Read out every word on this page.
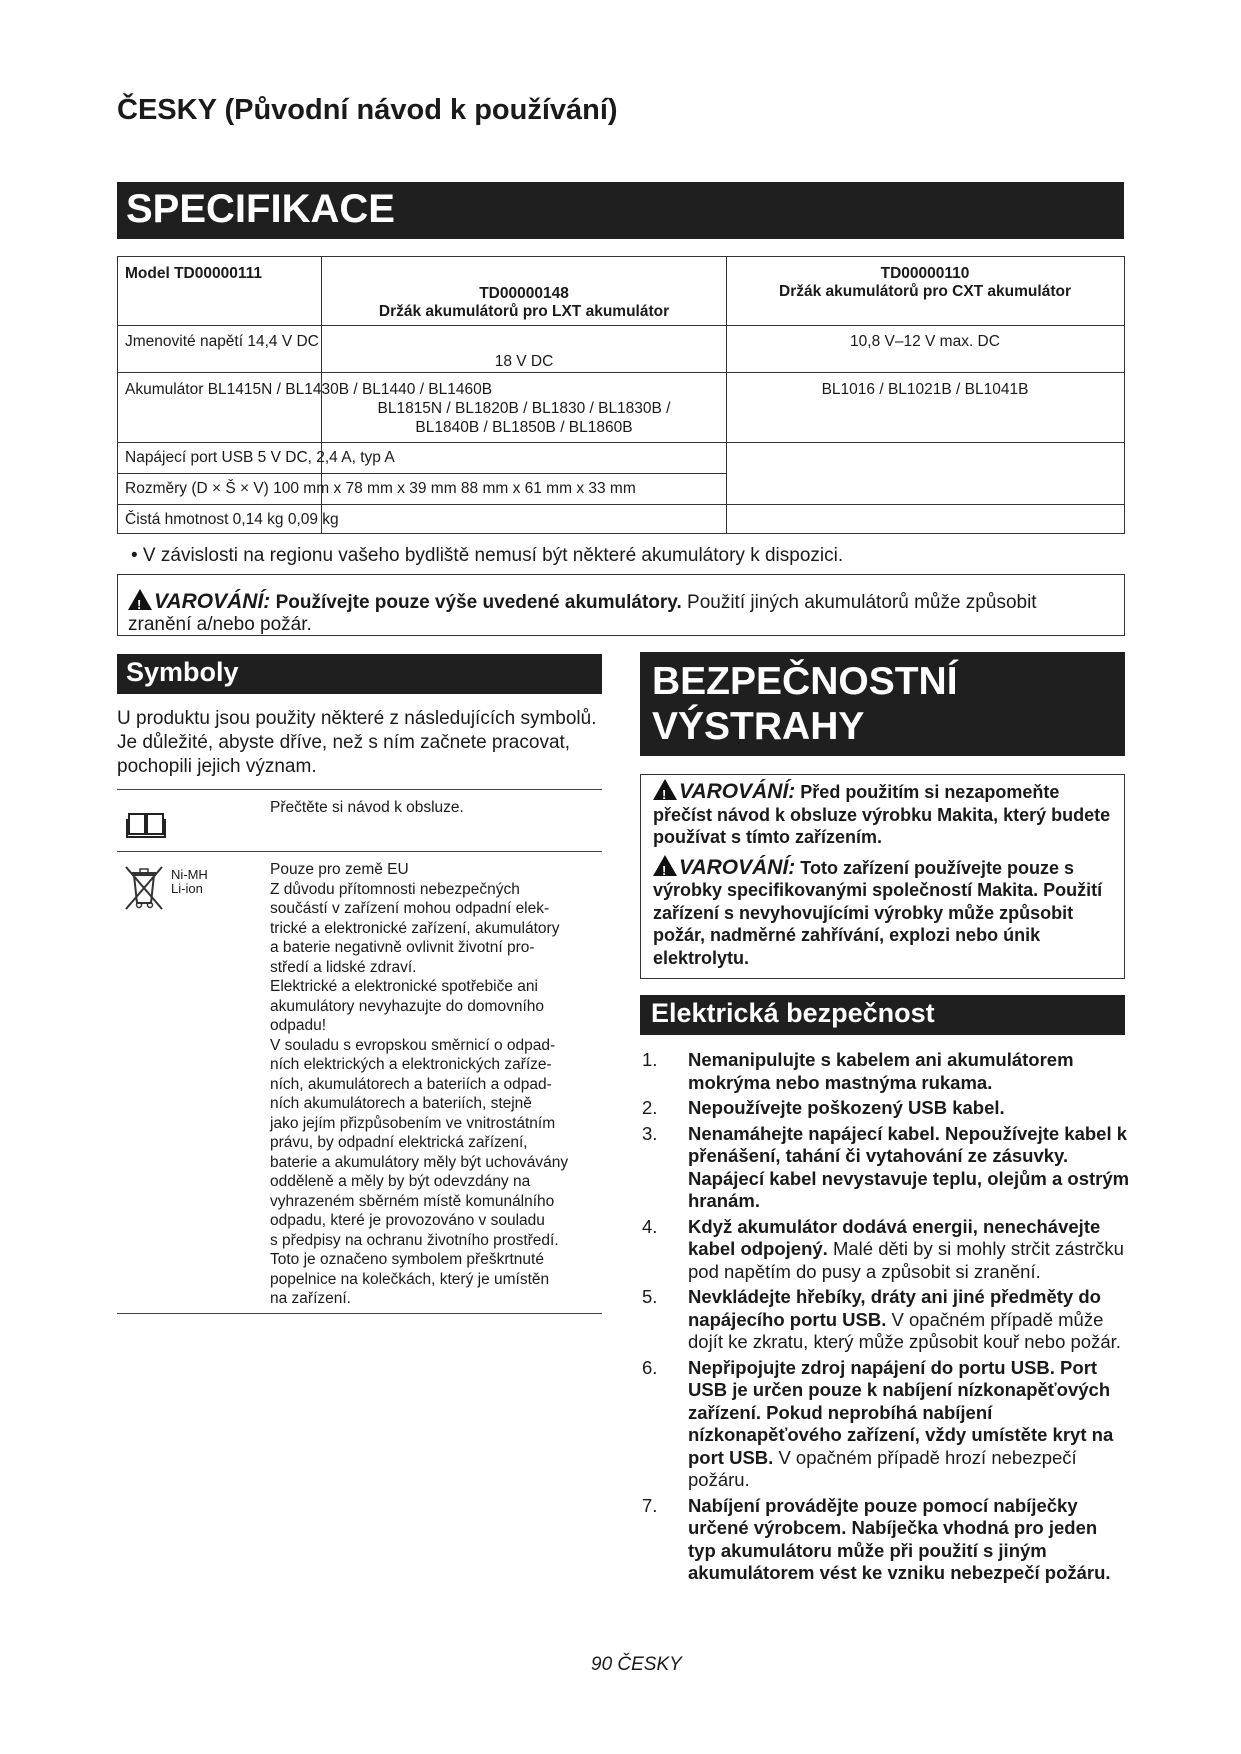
ČESKY (Původní návod k používání)
SPECIFIKACE
Model TD00000111
TD00000148
Držák akumulátorů pro LXT akumulátor
TD00000110
Držák akumulátorů pro CXT akumulátor
Jmenovité napětí 14,4 V DC
18 V DC
10,8 V–12 V max. DC
Akumulátor BL1415N / BL1430B / BL1440 / BL1460B
BL1815N / BL1820B / BL1830 / BL1830B /
BL1840B / BL1850B / BL1860B
BL1016 / BL1021B / BL1041B
Napájecí port USB 5 V DC, 2,4 A, typ A
Rozměry (D × Š × V) 100 mm x 78 mm x 39 mm 88 mm x 61 mm x 33 mm
Čistá hmotnost 0,14 kg 0,09 kg
• V závislosti na regionu vašeho bydliště nemusí být některé akumulátory k dispozici.
!VAROVÁNÍ: Používejte pouze výše uvedené akumulátory. Použití jiných akumulátorů může způsobit
zranění a/nebo požár.
Symboly

U produktu jsou použity některé z následujících symbolů. Je důležité, abyste dříve, než s ním začnete pracovat, pochopili jejich význam.

Přečtěte si návod k obsluze.

Ni-MH
Li-ion

Pouze pro země EU
Z důvodu přítomnosti nebezpečných
součástí v zařízení mohou odpadní elek-
trické a elektronické zařízení, akumulátory
a baterie negativně ovlivnit životní pro-
středí a lidské zdraví.
Elektrické a elektronické spotřebiče ani
akumulátory nevyhazujte do domovního
odpadu!
V souladu s evropskou směrnicí o odpad-
ních elektrických a elektronických zaříze-
ních, akumulátorech a bateriích a odpad-
ních akumulátorech a bateriích, stejně
jako jejím přizpůsobením ve vnitrostátním
právu, by odpadní elektrická zařízení,
baterie a akumulátory měly být uchovávány
odděleně a měly by být odevzdány na
vyhrazeném sběrném místě komunálního
odpadu, které je provozováno v souladu
s předpisy na ochranu životního prostředí.
Toto je označeno symbolem přeškrtnuté
popelnice na kolečkách, který je umístěn
na zařízení.

BEZPEČNOSTNÍ
VÝSTRAHY

!VAROVÁNÍ: Před použitím si nezapomeňte přečíst návod k obsluze výrobku Makita, který budete používat s tímto zařízením.

!VAROVÁNÍ: Toto zařízení používejte pouze s výrobky specifikovanými společností Makita. Použití zařízení s nevyhovujícími výrobky může způsobit požár, nadměrné zahřívání, explozi nebo únik elektrolytu.

Elektrická bezpečnost
1. Nemanipulujte s kabelem ani akumulátorem mokrýma nebo mastnýma rukama.
2. Nepoužívejte poškozený USB kabel.
3. Nenamáhejte napájecí kabel. Nepoužívejte kabel k přenášení, tahání či vytahování ze zásuvky. Napájecí kabel nevystavuje teplu, olejům a ostrým hranám.
4. Když akumulátor dodává energii, nenechávejte kabel odpojený. Malé děti by si mohly strčit zástrčku pod napětím do pusy a způsobit si zranění.
5. Nevkládejte hřebíky, dráty ani jiné předměty do napájecího portu USB. V opačném případě může dojít ke zkratu, který může způsobit kouř nebo požár.
6. Nepřipojujte zdroj napájení do portu USB. Port USB je určen pouze k nabíjení nízkonapěťových zařízení. Pokud neprobíhá nabíjení nízkonapěťového zařízení, vždy umístěte kryt na port USB. V opačném případě hrozí nebezpečí požáru.
7. Nabíjení provádějte pouze pomocí nabíječky určené výrobcem. Nabíječka vhodná pro jeden typ akumulátoru může při použití s jiným akumulátorem vést ke vzniku nebezpečí požáru.
90 ČESKY
